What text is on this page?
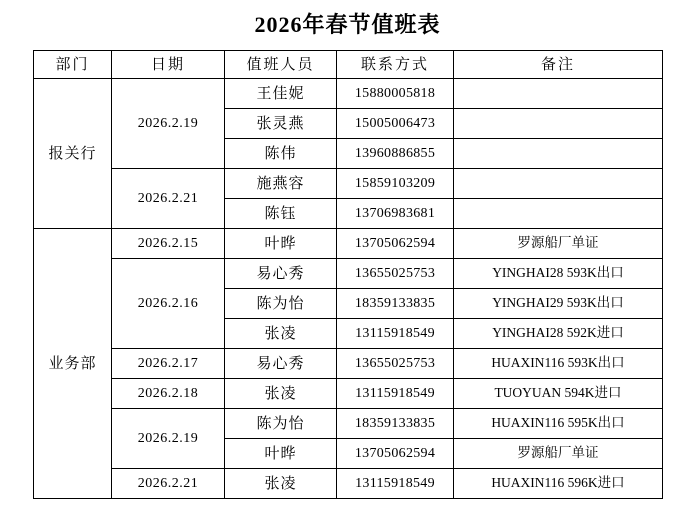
2026年春节值班表
部门	日期	值班人员	联系方式	备注
报关行	2026.2.19	王佳妮	15880005818	
		张灵燕	15005006473	
		陈伟	13960886855	
	2026.2.21	施燕容	15859103209	
		陈钰	13706983681	
业务部	2026.2.15	叶晔	13705062594	罗源船厂单证
	2026.2.16	易心秀	13655025753	YINGHAI28 593K出口
		陈为怡	18359133835	YINGHAI29 593K出口
		张凌	13115918549	YINGHAI28 592K进口
	2026.2.17	易心秀	13655025753	HUAXIN116 593K出口
	2026.2.18	张凌	13115918549	TUOYUAN 594K进口
	2026.2.19	陈为怡	18359133835	HUAXIN116 595K出口
		叶晔	13705062594	罗源船厂单证
	2026.2.21	张凌	13115918549	HUAXIN116 596K进口
